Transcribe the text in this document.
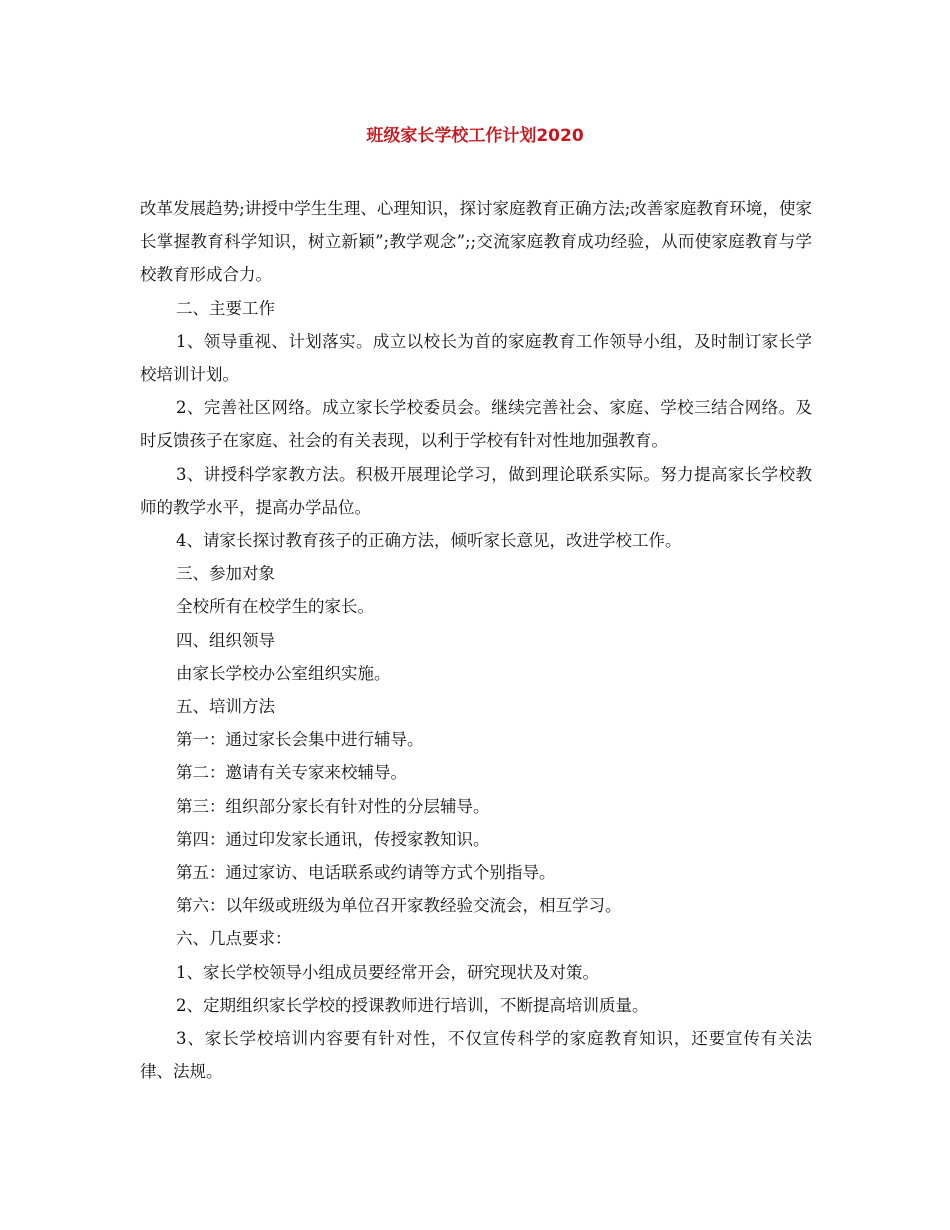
班级家长学校工作计划2020

改革发展趋势;讲授中学生生理、心理知识，探讨家庭教育正确方法;改善家庭教育环境，使家长掌握教育科学知识，树立新颖”;教学观念”;;交流家庭教育成功经验，从而使家庭教育与学校教育形成合力。

二、主要工作

1、领导重视、计划落实。成立以校长为首的家庭教育工作领导小组，及时制订家长学校培训计划。

2、完善社区网络。成立家长学校委员会。继续完善社会、家庭、学校三结合网络。及时反馈孩子在家庭、社会的有关表现，以利于学校有针对性地加强教育。

3、讲授科学家教方法。积极开展理论学习，做到理论联系实际。努力提高家长学校教师的教学水平，提高办学品位。

4、请家长探讨教育孩子的正确方法，倾听家长意见，改进学校工作。

三、参加对象

全校所有在校学生的家长。

四、组织领导

由家长学校办公室组织实施。

五、培训方法

第一：通过家长会集中进行辅导。

第二：邀请有关专家来校辅导。

第三：组织部分家长有针对性的分层辅导。

第四：通过印发家长通讯，传授家教知识。

第五：通过家访、电话联系或约请等方式个别指导。

第六：以年级或班级为单位召开家教经验交流会，相互学习。

六、几点要求：

1、家长学校领导小组成员要经常开会，研究现状及对策。

2、定期组织家长学校的授课教师进行培训，不断提高培训质量。

3、家长学校培训内容要有针对性，不仅宣传科学的家庭教育知识，还要宣传有关法律、法规。
